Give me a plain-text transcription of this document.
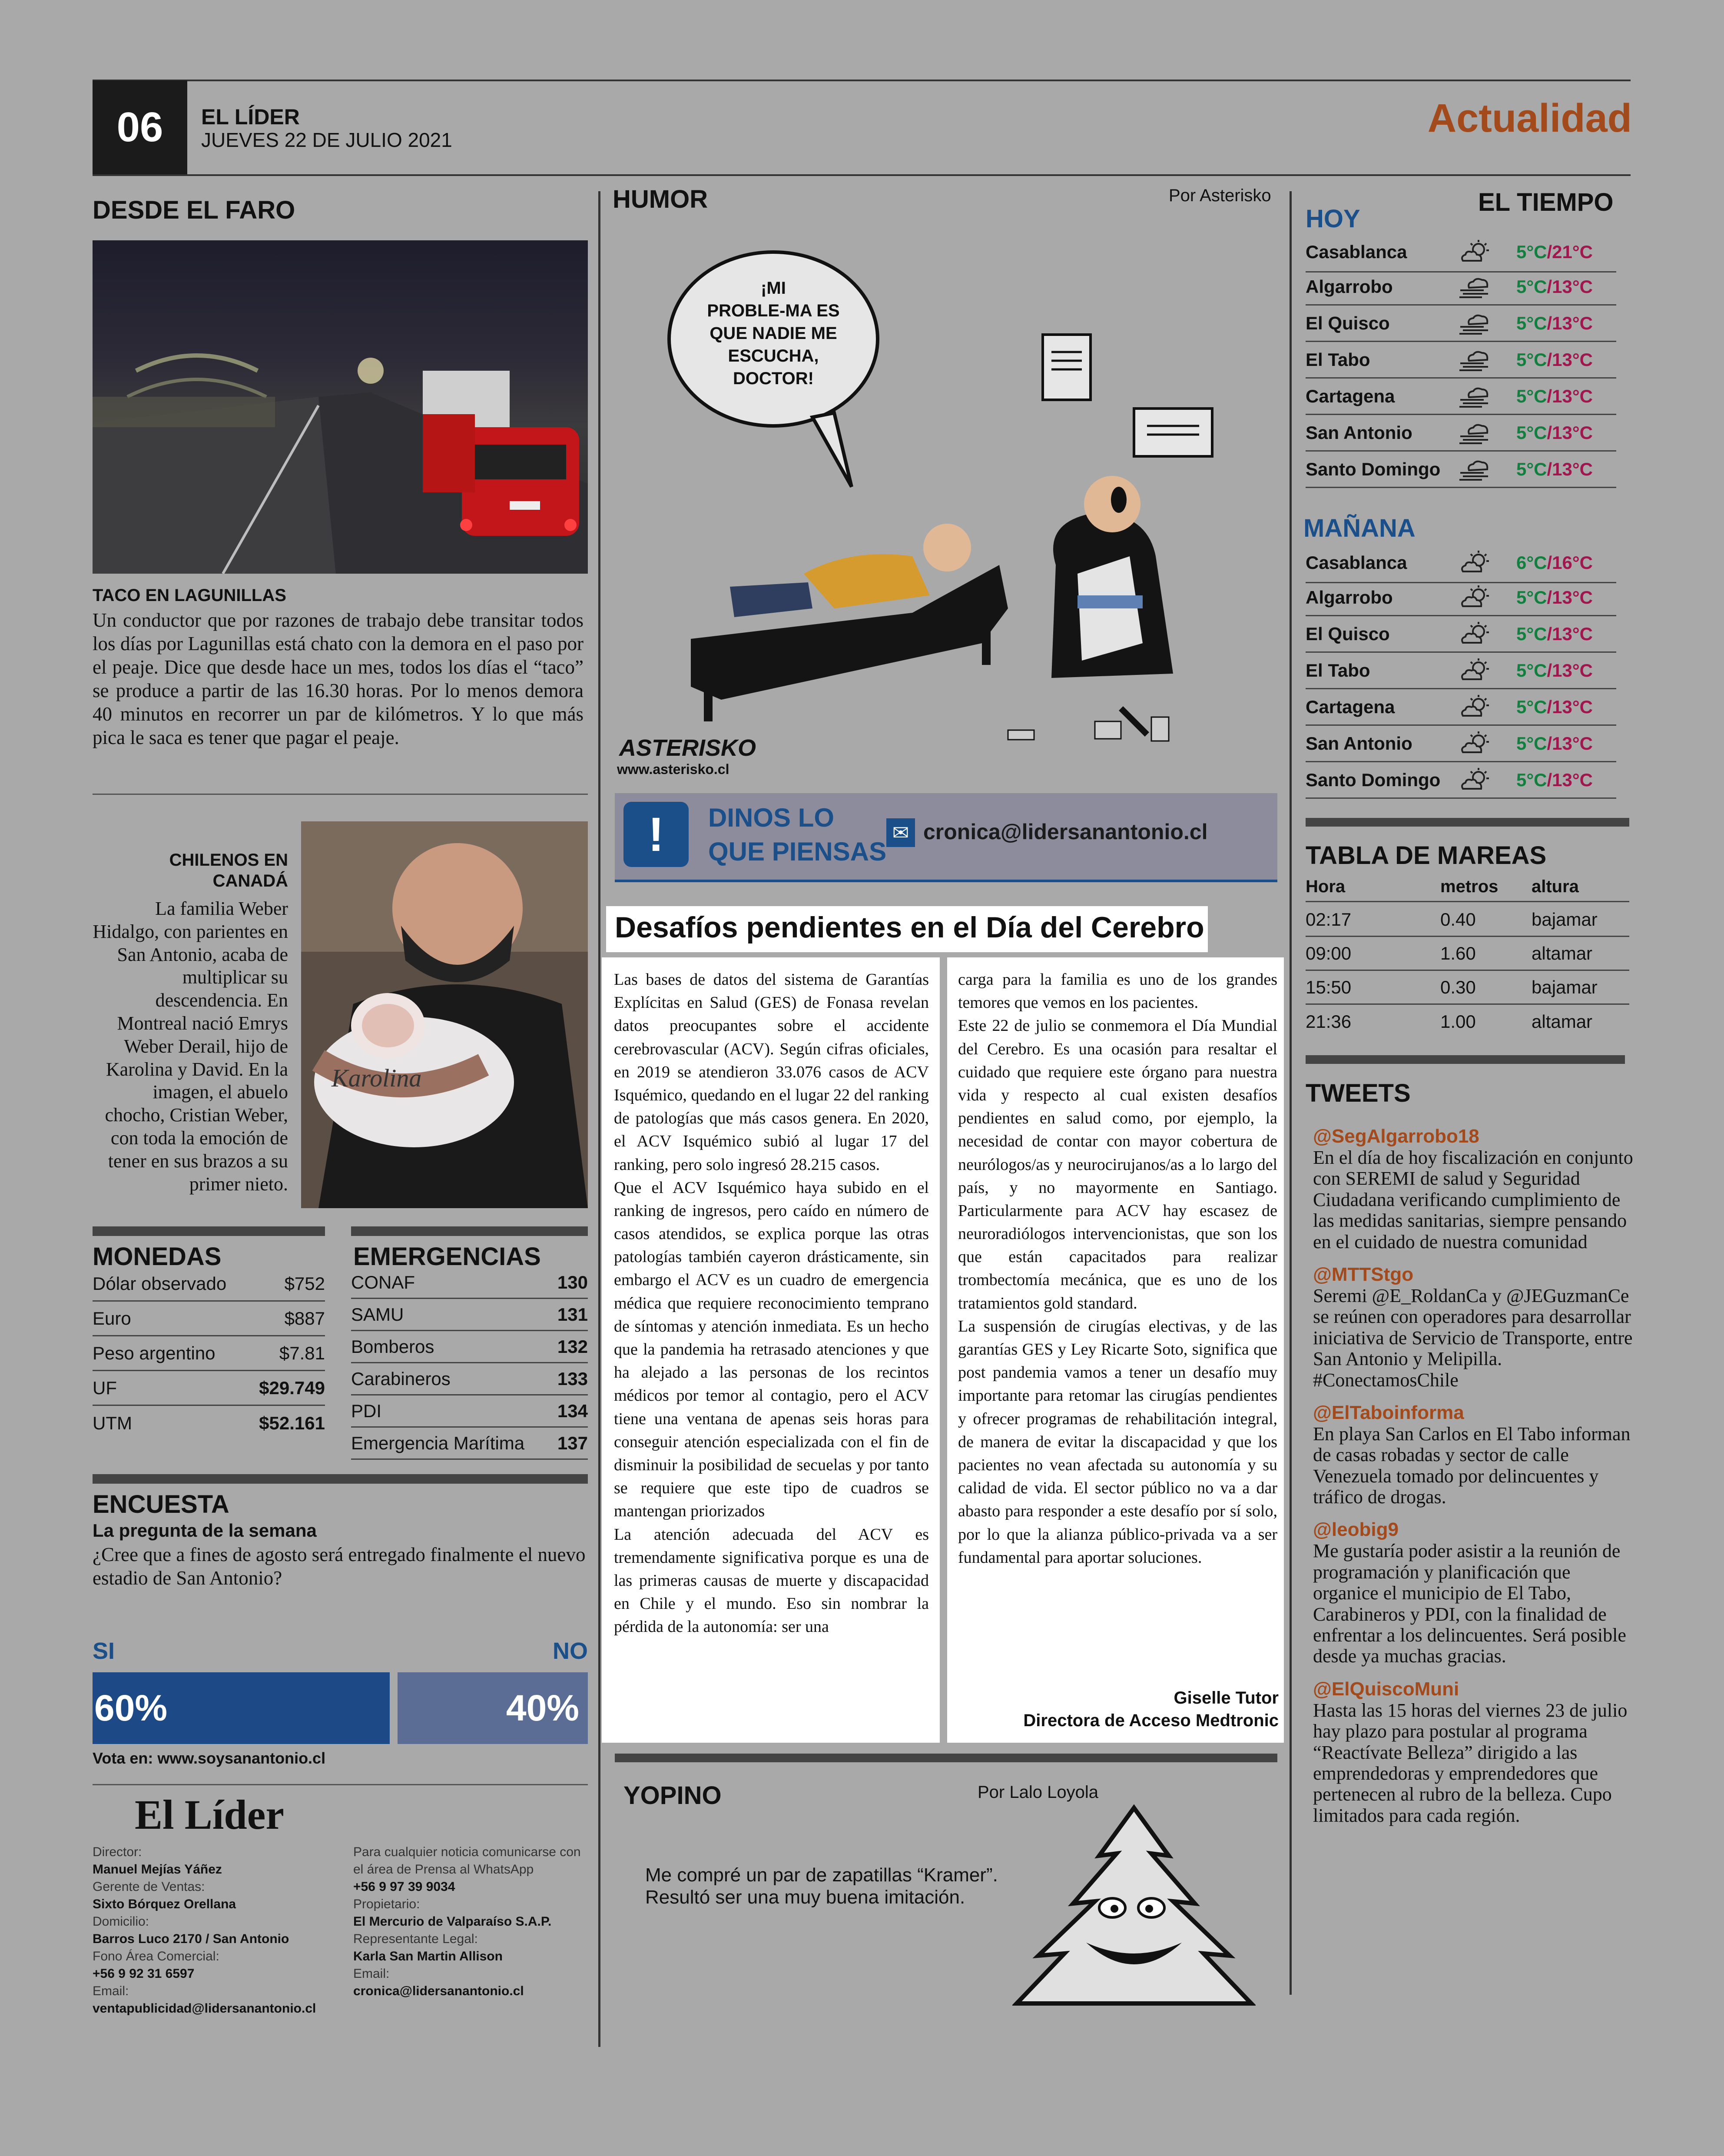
06	EL LÍDER
JUEVES 22 DE JULIO 2021	Actualidad
DESDE EL FARO
TACO EN LAGUNILLAS
Un conductor que por razones de trabajo debe transitar todos los días por Lagunillas está chato con la demora en el paso por el peaje. Dice que desde hace un mes, todos los días el “taco” se produce a partir de las 16.30 horas. Por lo menos demora 40 minutos en recorrer un par de kilómetros. Y lo que más pica le saca es tener que pagar el peaje.
CHILENOS EN
CANADÁ
La familia Weber Hidalgo, con parientes en San Antonio, acaba de multiplicar su descendencia. En Montreal nació Emrys Weber Derail, hijo de Karolina y David. En la imagen, el abuelo chocho, Cristian Weber, con toda la emoción de tener en sus brazos a su primer nieto.
Karolina
MONEDAS
Dólar observado	$752
Euro	$887
Peso argentino	$7.81
UF	$29.749
UTM	$52.161
EMERGENCIAS
CONAF	130
SAMU	131
Bomberos	132
Carabineros	133
PDI	134
Emergencia Marítima 137
ENCUESTA
La pregunta de la semana
¿Cree que a fines de agosto será entregado finalmente el nuevo estadio de San Antonio?
SI	NO
60%	40%
Vota en: www.soysanantonio.cl
El Líder
Director:
Manuel Mejías Yáñez
Gerente de Ventas:
Sixto Bórquez Orellana
Domicilio:
Barros Luco 2170 / San Antonio
Fono Área Comercial:
+56 9 92 31 6597
Email:
ventapublicidad@lidersanantonio.cl
Para cualquier noticia comunicarse con el área de Prensa al WhatsApp
+56 9 97 39 9034
Propietario:
El Mercurio de Valparaíso S.A.P.
Representante Legal:
Karla San Martin Allison
Email:
cronica@lidersanantonio.cl
HUMOR	Por Asterisko
¡MI PROBLE-MA ES QUE NADIE ME ESCUCHA, DOCTOR!
ASTERISKO
www.asterisko.cl
!	DINOS LO
QUE PIENSAS
✉ cronica@lidersanantonio.cl
Desafíos pendientes en el Día del Cerebro

Las bases de datos del sistema de Garantías Explícitas en Salud (GES) de Fonasa revelan datos preocupantes sobre el accidente cerebrovascular (ACV). Según cifras oficiales, en 2019 se atendieron 33.076 casos de ACV Isquémico, quedando en el lugar 22 del ranking de patologías que más casos genera. En 2020, el ACV Isquémico subió al lugar 17 del ranking, pero solo ingresó 28.215 casos.

Que el ACV Isquémico haya subido en el ranking de ingresos, pero caído en número de casos atendidos, se explica porque las otras patologías también cayeron drásticamente, sin embargo el ACV es un cuadro de emergencia médica que requiere reconocimiento temprano de síntomas y atención inmediata. Es un hecho que la pandemia ha retrasado atenciones y que ha alejado a las personas de los recintos médicos por temor al contagio, pero el ACV tiene una ventana de apenas seis horas para conseguir atención especializada con el fin de disminuir la posibilidad de secuelas y por tanto se requiere que este tipo de cuadros se mantengan priorizados

La atención adecuada del ACV es tremendamente significativa porque es una de las primeras causas de muerte y discapacidad en Chile y el mundo. Eso sin nombrar la pérdida de la autonomía: ser una

carga para la familia es uno de los grandes temores que vemos en los pacientes.

Este 22 de julio se conmemora el Día Mundial del Cerebro. Es una ocasión para resaltar el cuidado que requiere este órgano para nuestra vida y respecto al cual existen desafíos pendientes en salud como, por ejemplo, la necesidad de contar con mayor cobertura de neurólogos/as y neurocirujanos/as a lo largo del país, y no mayormente en Santiago. Particularmente para ACV hay escasez de neuroradiólogos intervencionistas, que son los que están capacitados para realizar trombectomía mecánica, que es uno de los tratamientos gold standard.

La suspensión de cirugías electivas, y de las garantías GES y Ley Ricarte Soto, significa que post pandemia vamos a tener un desafío muy importante para retomar las cirugías pendientes y ofrecer programas de rehabilitación integral, de manera de evitar la discapacidad y que los pacientes no vean afectada su autonomía y su calidad de vida. El sector público no va a dar abasto para responder a este desafío por sí solo, por lo que la alianza público-privada va a ser fundamental para aportar soluciones.

Giselle Tutor
Directora de Acceso Medtronic
YOPINO	Por Lalo Loyola
Me compré un par de zapatillas “Kramer”. Resultó ser una muy buena imitación.
HOY
EL TIEMPO
Casablanca	5°C /21°C
Algarrobo	5°C /13°C
El Quisco	5°C /13°C
El Tabo	5°C /13°C
Cartagena	5°C /13°C
San Antonio	5°C /13°C
Santo Domingo	5°C /13°C
MAÑANA
Casablanca	6°C /16°C
Algarrobo	5°C /13°C
El Quisco	5°C /13°C
El Tabo	5°C /13°C
Cartagena	5°C /13°C
San Antonio	5°C /13°C
Santo Domingo	5°C /13°C
TABLA DE MAREAS
Hora	metros	altura
02:17	0.40	bajamar
09:00	1.60	altamar
15:50	0.30	bajamar
21:36	1.00	altamar
TWEETS
@SegAlgarrobo18
En el día de hoy fiscalización en conjunto con SEREMI de salud y Seguridad Ciudadana verificando cumplimiento de las medidas sanitarias, siempre pensando en el cuidado de nuestra comunidad
@MTTStgo
Seremi @E_RoldanCa y @JEGuzmanCe se reúnen con operadores para desarrollar iniciativa de Servicio de Transporte, entre San Antonio y Melipilla. #ConectamosChile
@ElTaboinforma
En playa San Carlos en El Tabo informan de casas robadas y sector de calle Venezuela tomado por delincuentes y tráfico de drogas.
@leobig9
Me gustaría poder asistir a la reunión de programación y planificación que organice el municipio de El Tabo, Carabineros y PDI, con la finalidad de enfrentar a los delincuentes. Será posible desde ya muchas gracias.
@ElQuiscoMuni
Hasta las 15 horas del viernes 23 de julio hay plazo para postular al programa “Reactívate Belleza” dirigido a las emprendedoras y emprendedores que pertenecen al rubro de la belleza. Cupo limitados para cada región.
